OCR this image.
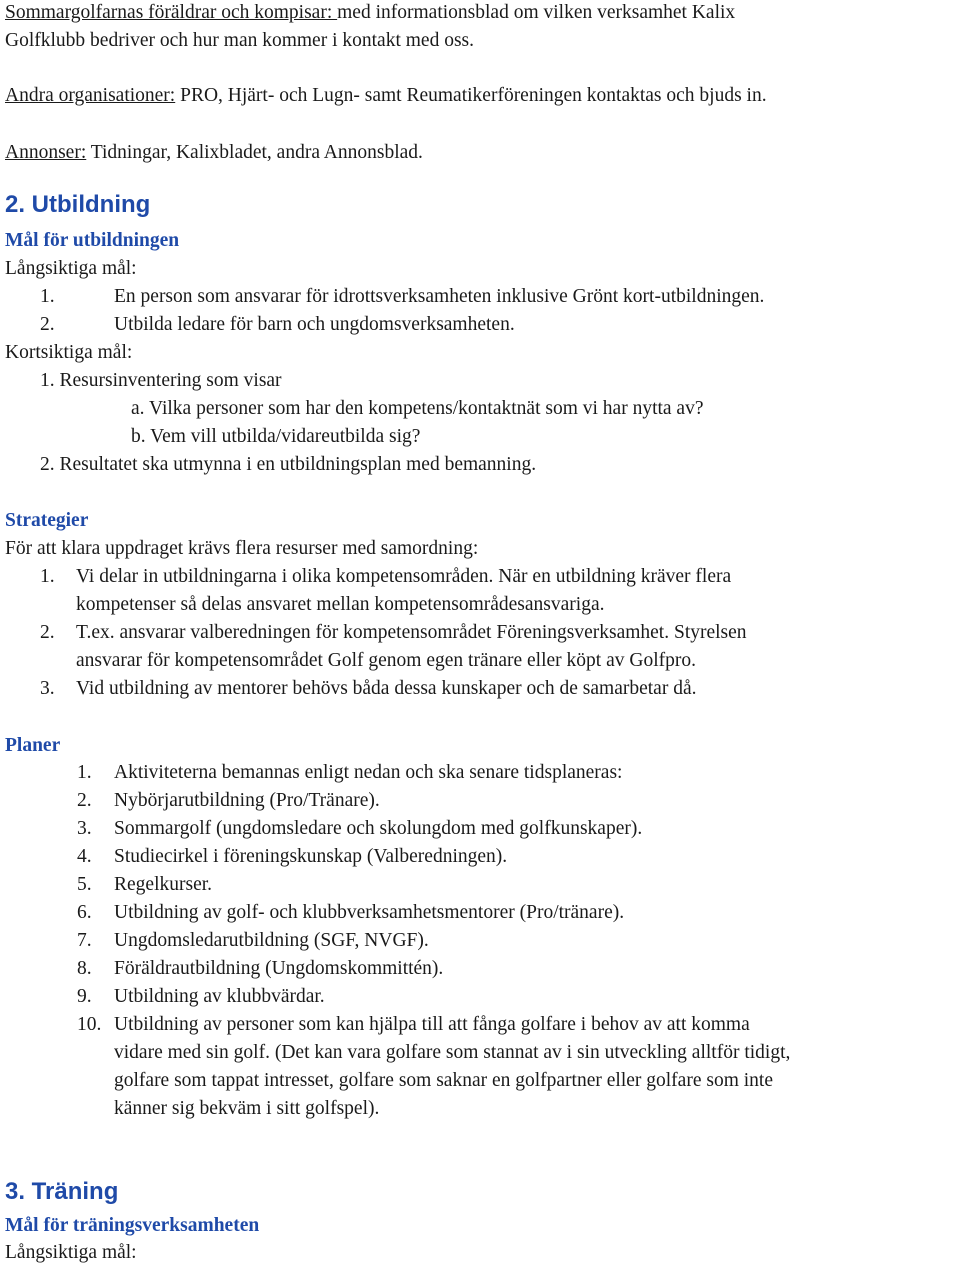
Sommargolfarnas föräldrar och kompisar: med informationsblad om vilken verksamhet Kalix
Golfklubb bedriver och hur man kommer i kontakt med oss.
Andra organisationer: PRO, Hjärt- och Lugn- samt Reumatikerföreningen kontaktas och bjuds in.
Annonser: Tidningar, Kalixbladet, andra Annonsblad.
2. Utbildning
Mål för utbildningen
Långsiktiga mål:
1.	En person som ansvarar för idrottsverksamheten inklusive Grönt kort-utbildningen.
2.	Utbilda ledare för barn och ungdomsverksamheten.
Kortsiktiga mål:
1. Resursinventering som visar
a. Vilka personer som har den kompetens/kontaktnät som vi har nytta av?
b. Vem vill utbilda/vidareutbilda sig?
2. Resultatet ska utmynna i en utbildningsplan med bemanning.
Strategier
För att klara uppdraget krävs flera resurser med samordning:
1. Vi delar in utbildningarna i olika kompetensområden. När en utbildning kräver flera
kompetenser så delas ansvaret mellan kompetensområdesansvariga.
2. T.ex. ansvarar valberedningen för kompetensområdet Föreningsverksamhet. Styrelsen
ansvarar för kompetensområdet Golf genom egen tränare eller köpt av Golfpro.
3. Vid utbildning av mentorer behövs båda dessa kunskaper och de samarbetar då.
Planer
1. Aktiviteterna bemannas enligt nedan och ska senare tidsplaneras:
2. Nybörjarutbildning (Pro/Tränare).
3. Sommargolf (ungdomsledare och skolungdom med golfkunskaper).
4. Studiecirkel i föreningskunskap (Valberedningen).
5. Regelkurser.
6. Utbildning av golf- och klubbverksamhetsmentorer (Pro/tränare).
7. Ungdomsledarutbildning (SGF, NVGF).
8. Föräldrautbildning (Ungdomskommittén).
9. Utbildning av klubbvärdar.
10. Utbildning av personer som kan hjälpa till att fånga golfare i behov av att komma
vidare med sin golf. (Det kan vara golfare som stannat av i sin utveckling alltför tidigt,
golfare som tappat intresset, golfare som saknar en golfpartner eller golfare som inte
känner sig bekväm i sitt golfspel).
3. Träning
Mål för träningsverksamheten
Långsiktiga mål:
